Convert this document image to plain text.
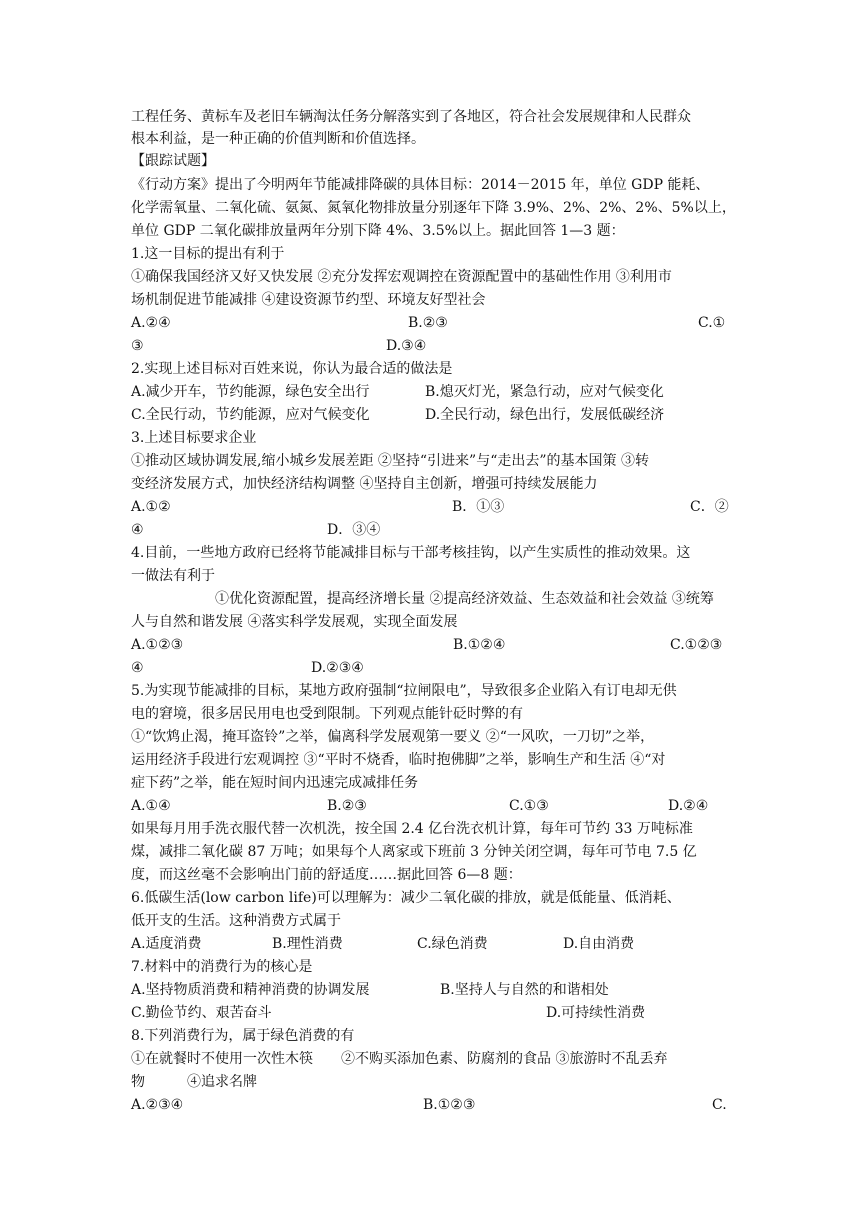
工程任务、黄标车及老旧车辆淘汰任务分解落实到了各地区，符合社会发展规律和人民群众
根本利益，是一种正确的价值判断和价值选择。
【跟踪试题】
《行动方案》提出了今明两年节能减排降碳的具体目标：2014－2015 年，单位 GDP 能耗、
化学需氧量、二氧化硫、氨氮、氮氧化物排放量分别逐年下降 3.9%、2%、2%、2%、5%以上，
单位 GDP 二氧化碳排放量两年分别下降 4%、3.5%以上。据此回答 1—3 题：
1.这一目标的提出有利于
①确保我国经济又好又快发展 ②充分发挥宏观调控在资源配置中的基础性作用 ③利用市
场机制促进节能减排 ④建设资源节约型、环境友好型社会
A.②④	B.②③	C.①
③	D.③④
2.实现上述目标对百姓来说，你认为最合适的做法是
A.减少开车，节约能源，绿色安全出行	B.熄灭灯光，紧急行动，应对气候变化
C.全民行动，节约能源，应对气候变化	D.全民行动，绿色出行，发展低碳经济
3.上述目标要求企业
①推动区域协调发展,缩小城乡发展差距 ②坚持“引进来”与“走出去”的基本国策 ③转
变经济发展方式，加快经济结构调整 ④坚持自主创新，增强可持续发展能力
A.①②	B．①③	C．②
④	D．③④
4.目前，一些地方政府已经将节能减排目标与干部考核挂钩，以产生实质性的推动效果。这
一做法有利于
①优化资源配置，提高经济增长量 ②提高经济效益、生态效益和社会效益 ③统筹
人与自然和谐发展 ④落实科学发展观，实现全面发展
A.①②③	B.①②④	C.①②③
④	D.②③④
5.为实现节能减排的目标，某地方政府强制“拉闸限电”，导致很多企业陷入有订电却无供
电的窘境，很多居民用电也受到限制。下列观点能针砭时弊的有
①“饮鸩止渴，掩耳盗铃”之举，偏离科学发展观第一要义 ②“一风吹，一刀切”之举，
运用经济手段进行宏观调控 ③“平时不烧香，临时抱佛脚”之举，影响生产和生活 ④“对
症下药”之举，能在短时间内迅速完成减排任务
A.①④	B.②③	C.①③	D.②④
如果每月用手洗衣服代替一次机洗，按全国 2.4 亿台洗衣机计算，每年可节约 33 万吨标准
煤，减排二氧化碳 87 万吨；如果每个人离家或下班前 3 分钟关闭空调，每年可节电 7.5 亿
度，而这丝毫不会影响出门前的舒适度……据此回答 6—8 题：
6.低碳生活(low carbon life)可以理解为：减少二氧化碳的排放，就是低能量、低消耗、
低开支的生活。这种消费方式属于
A.适度消费	B.理性消费	C.绿色消费	D.自由消费
7.材料中的消费行为的核心是
A.坚持物质消费和精神消费的协调发展	B.坚持人与自然的和谐相处
C.勤俭节约、艰苦奋斗	D.可持续性消费
8.下列消费行为，属于绿色消费的有
①在就餐时不使用一次性木筷　　②不购买添加色素、防腐剂的食品 ③旅游时不乱丢弃
物　　　④追求名牌
A.②③④	B.①②③	C.
